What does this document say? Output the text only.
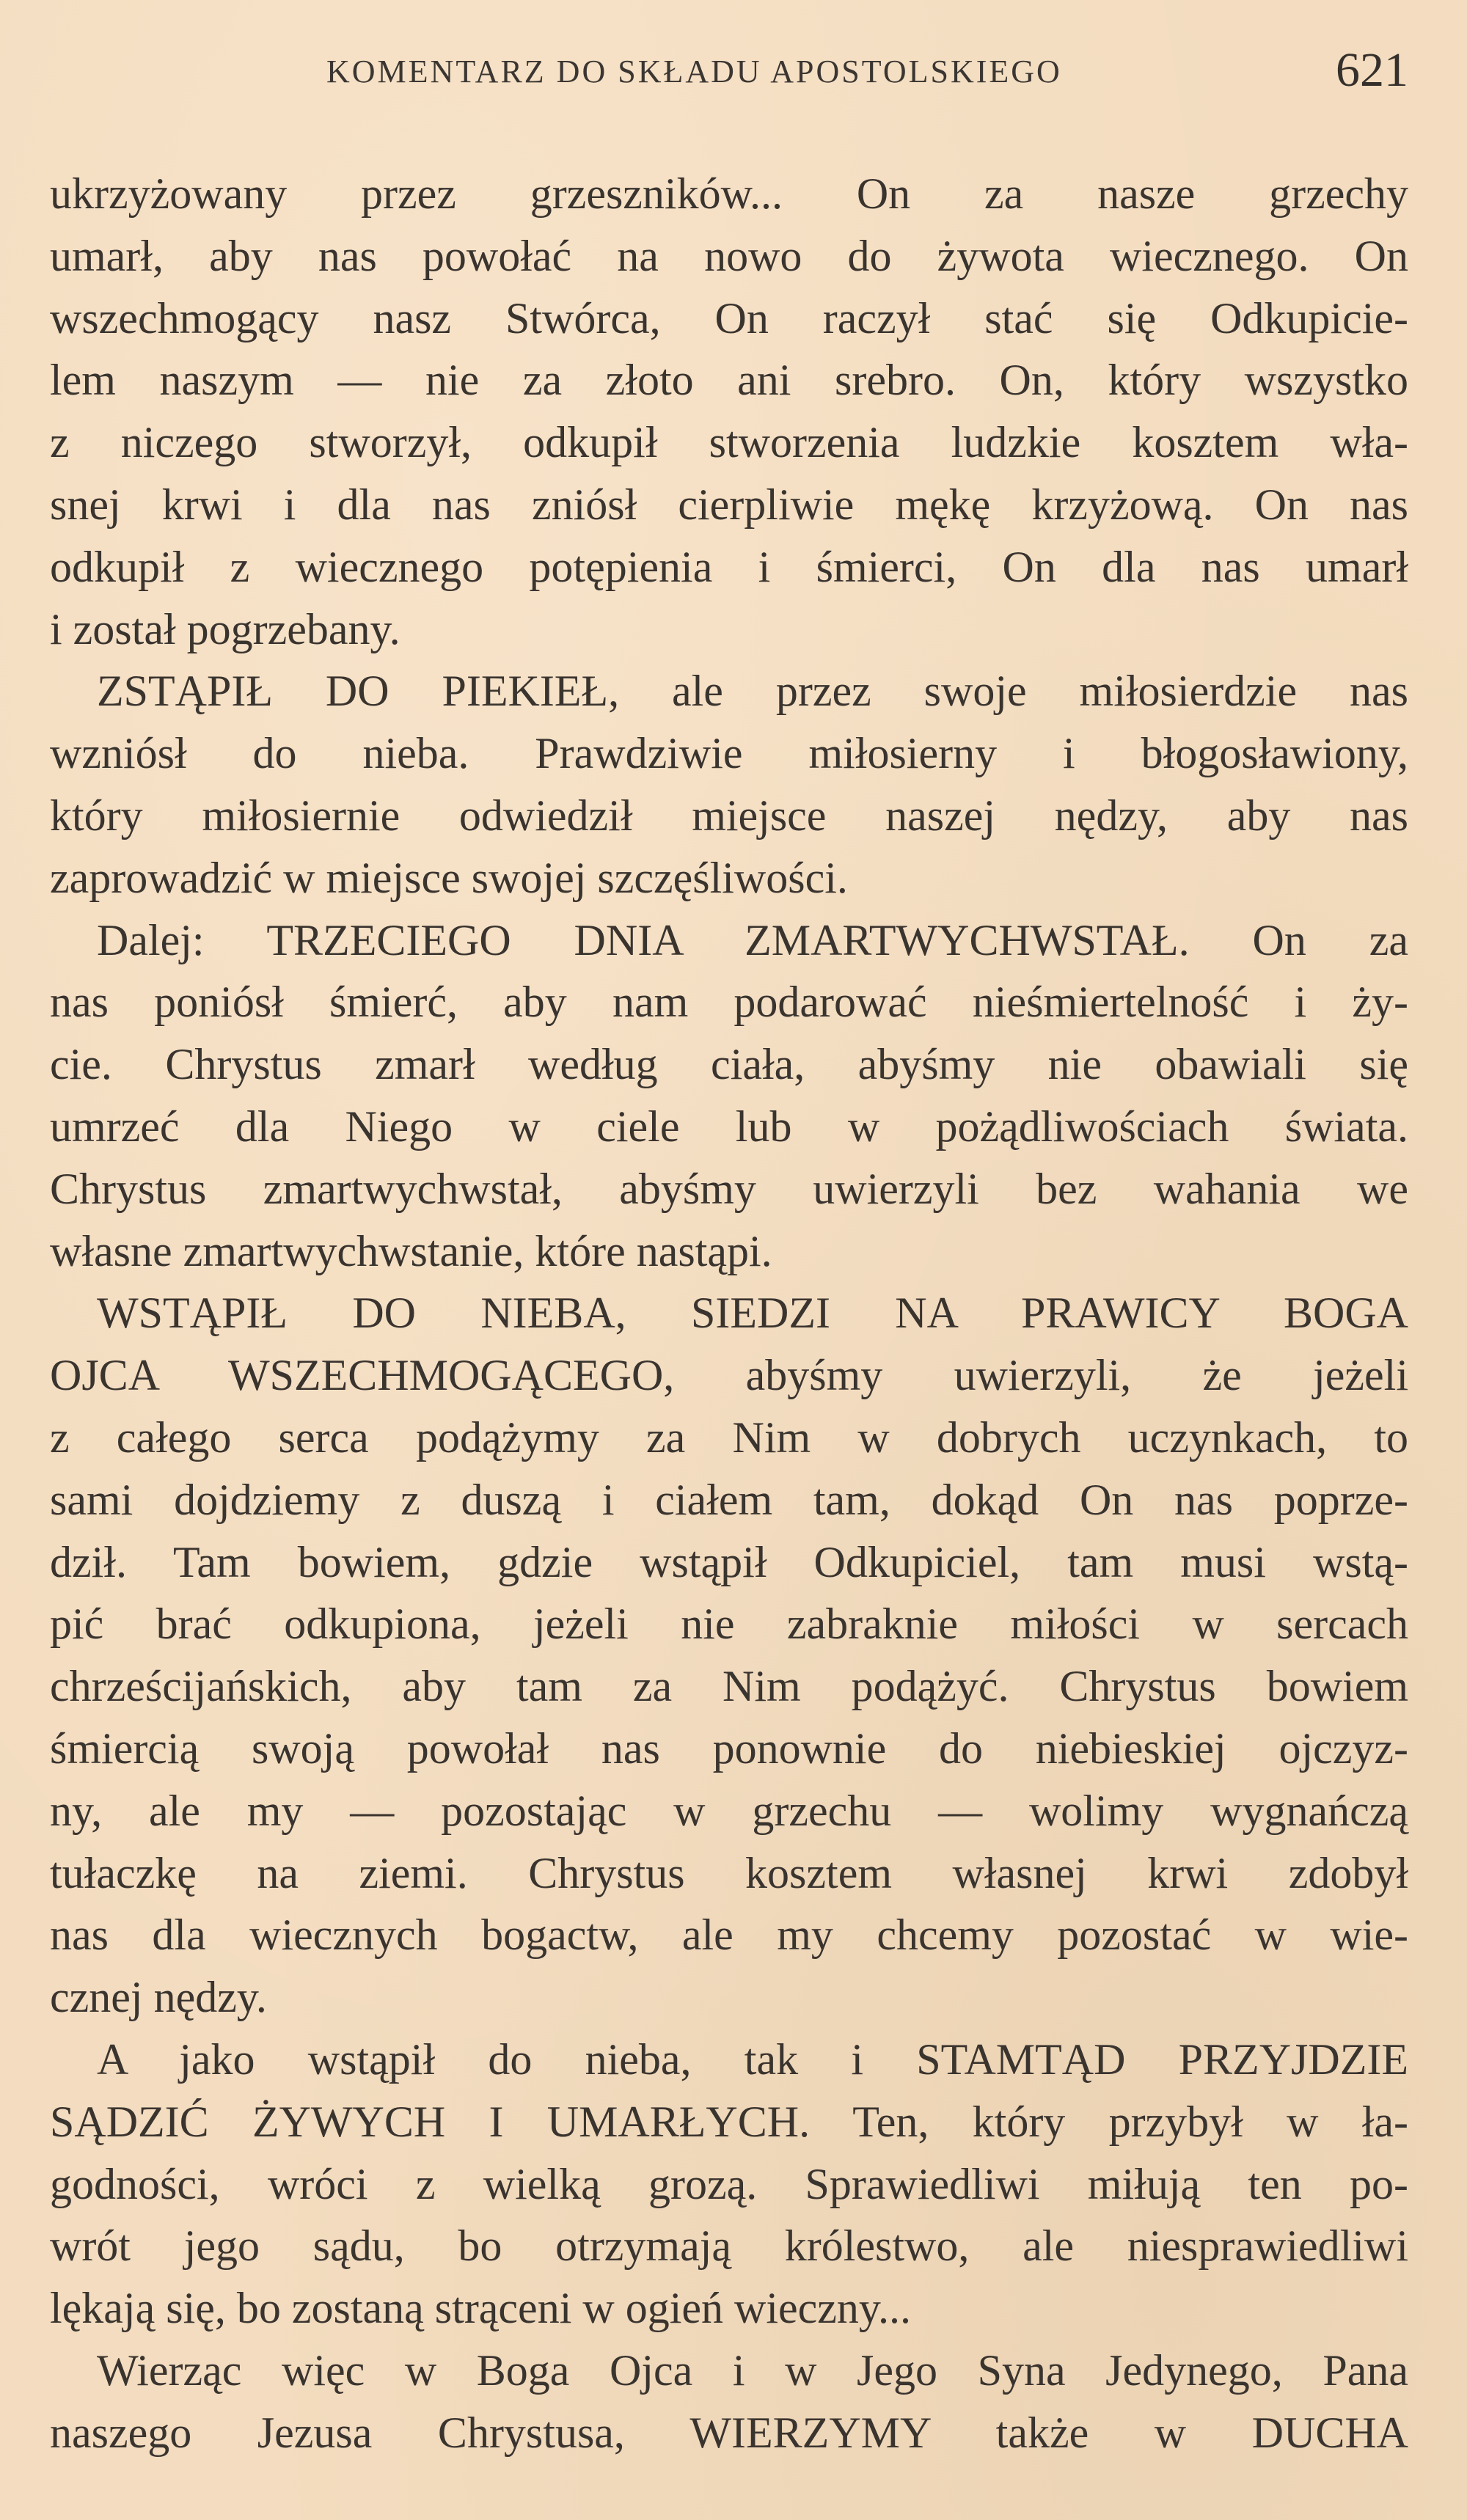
KOMENTARZ DO SKŁADU APOSTOLSKIEGO	621
ukrzyżowany przez grzeszników... On za nasze grzechy
umarł, aby nas powołać na nowo do żywota wiecznego. On
wszechmogący nasz Stwórca, On raczył stać się Odkupicie-
lem naszym — nie za złoto ani srebro. On, który wszystko
z niczego stworzył, odkupił stworzenia ludzkie kosztem wła-
snej krwi i dla nas zniósł cierpliwie mękę krzyżową. On nas
odkupił z wiecznego potępienia i śmierci, On dla nas umarł
i został pogrzebany.
ZSTĄPIŁ DO PIEKIEŁ, ale przez swoje miłosierdzie nas
wzniósł do nieba. Prawdziwie miłosierny i błogosławiony,
który miłosiernie odwiedził miejsce naszej nędzy, aby nas
zaprowadzić w miejsce swojej szczęśliwości.
Dalej: TRZECIEGO DNIA ZMARTWYCHWSTAŁ. On za
nas poniósł śmierć, aby nam podarować nieśmiertelność i ży-
cie. Chrystus zmarł według ciała, abyśmy nie obawiali się
umrzeć dla Niego w ciele lub w pożądliwościach świata.
Chrystus zmartwychwstał, abyśmy uwierzyli bez wahania we
własne zmartwychwstanie, które nastąpi.
WSTĄPIŁ DO NIEBA, SIEDZI NA PRAWICY BOGA
OJCA WSZECHMOGĄCEGO, abyśmy uwierzyli, że jeżeli
z całego serca podążymy za Nim w dobrych uczynkach, to
sami dojdziemy z duszą i ciałem tam, dokąd On nas poprze-
dził. Tam bowiem, gdzie wstąpił Odkupiciel, tam musi wstą-
pić brać odkupiona, jeżeli nie zabraknie miłości w sercach
chrześcijańskich, aby tam za Nim podążyć. Chrystus bowiem
śmiercią swoją powołał nas ponownie do niebieskiej ojczyz-
ny, ale my — pozostając w grzechu — wolimy wygnańczą
tułaczkę na ziemi. Chrystus kosztem własnej krwi zdobył
nas dla wiecznych bogactw, ale my chcemy pozostać w wie-
cznej nędzy.
A jako wstąpił do nieba, tak i STAMTĄD PRZYJDZIE
SĄDZIĆ ŻYWYCH I UMARŁYCH. Ten, który przybył w ła-
godności, wróci z wielką grozą. Sprawiedliwi miłują ten po-
wrót jego sądu, bo otrzymają królestwo, ale niesprawiedliwi
lękają się, bo zostaną strąceni w ogień wieczny...
Wierząc więc w Boga Ojca i w Jego Syna Jedynego, Pana
naszego Jezusa Chrystusa, WIERZYMY także w DUCHA
